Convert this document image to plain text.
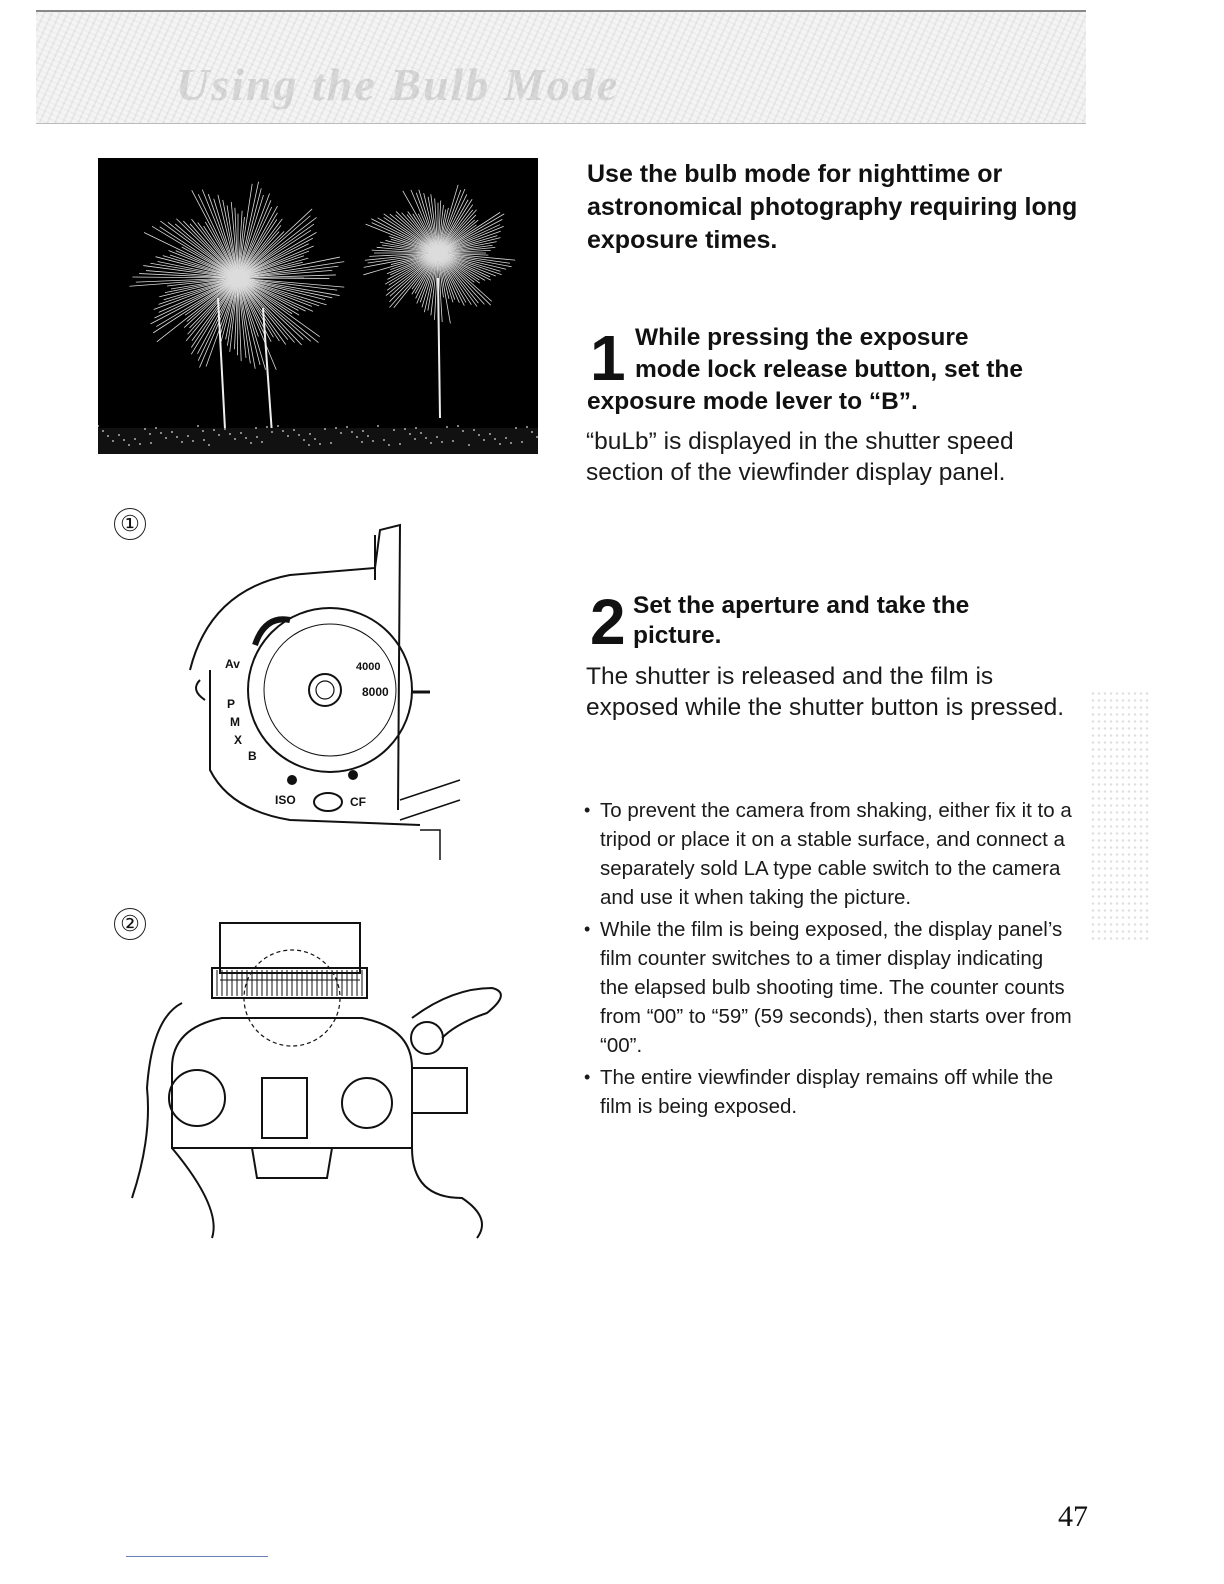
Using the Bulb Mode
①
②
Av
P
M
X
B
ISO	CF
8000
4000
Use the bulb mode for nighttime or astronomical photography requiring long exposure times.
1 While pressing the exposure
mode lock release button, set the
exposure mode lever to “B”.
“buLb” is displayed in the shutter speed section of the viewfinder display panel.
2 Set the aperture and take the
picture.
The shutter is released and the film is exposed while the shutter button is pressed.
• To prevent the camera from shaking, either fix it to a tripod or place it on a stable surface, and connect a separately sold LA type cable switch to the camera and use it when taking the picture.
• While the film is being exposed, the display panel’s film counter switches to a timer display indicating the elapsed bulb shooting time. The counter counts from “00” to “59” (59 seconds), then starts over from “00”.
• The entire viewfinder display remains off while the film is being exposed.
47
